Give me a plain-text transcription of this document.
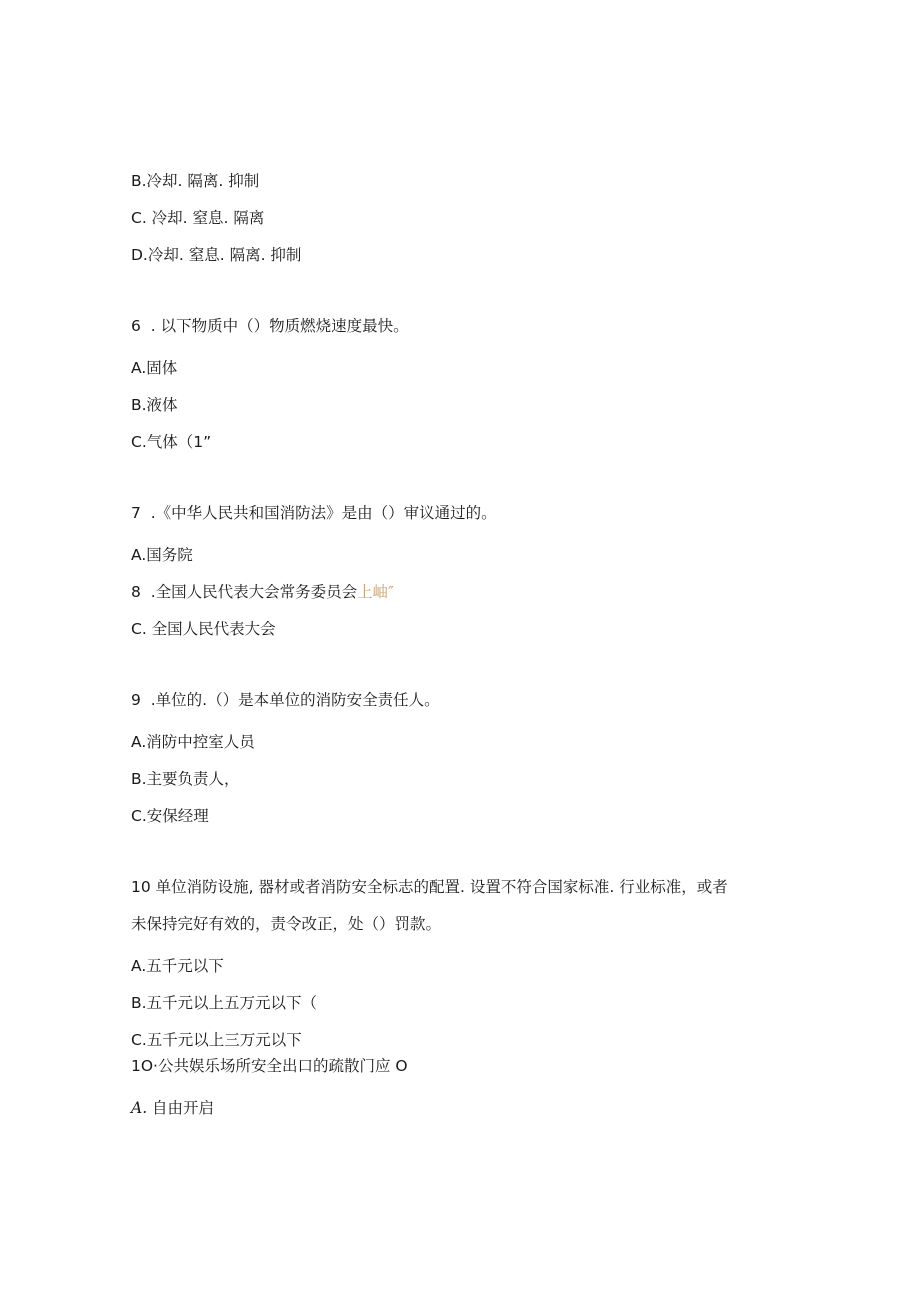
B.冷却. 隔离. 抑制
C. 冷却. 窒息. 隔离
D.冷却. 窒息. 隔离. 抑制
6  . 以下物质中（）物质燃烧速度最快。
A.固体
B.液体
C.气体（1”
7  .《中华人民共和国消防法》是由（）审议通过的。
A.国务院
8  .全国人民代表大会常务委员会上岫″
C. 全国人民代表大会
9  .单位的.（）是本单位的消防安全责任人。
A.消防中控室人员
B.主要负责人，
C.安保经理
10 单位消防设施, 器材或者消防安全标志的配置. 设置不符合国家标准. 行业标准，或者
未保持完好有效的，责令改正，处（）罚款。
A.五千元以下
B.五千元以上五万元以下（
C.五千元以上三万元以下
1O·公共娱乐场所安全出口的疏散门应 O
A. 自由开启
